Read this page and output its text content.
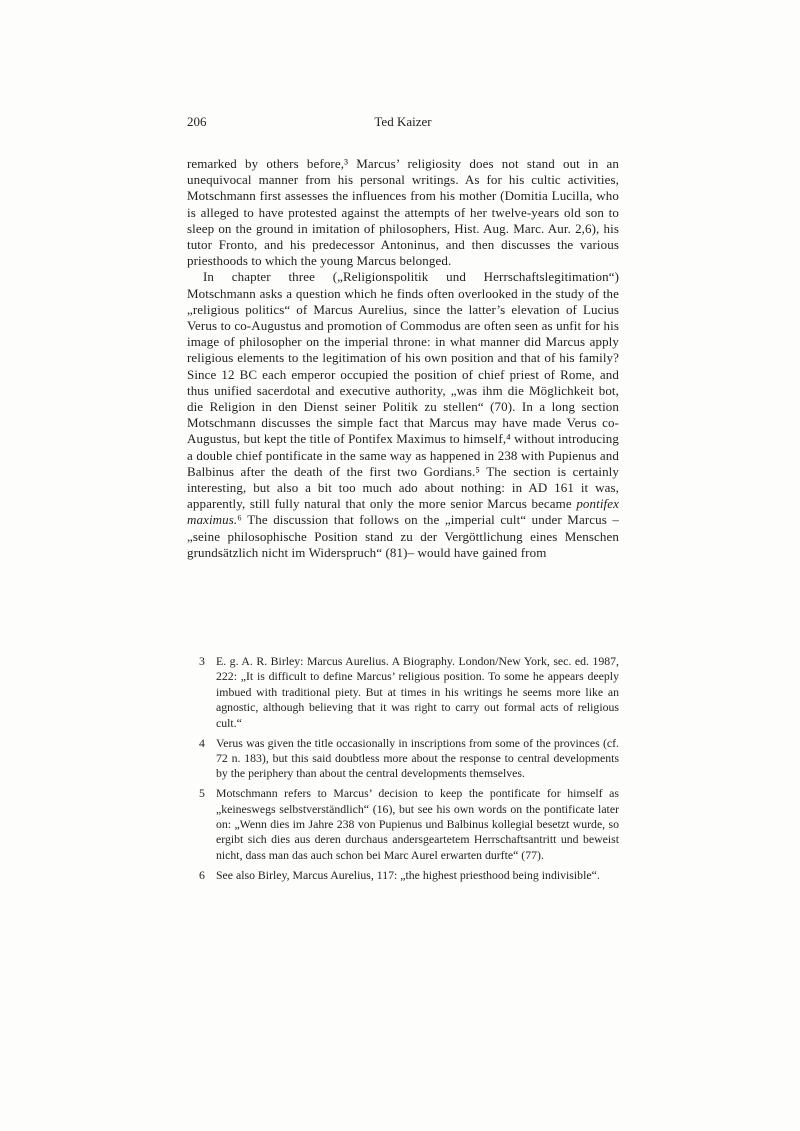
206	Ted Kaizer

remarked by others before,³ Marcus’ religiosity does not stand out in an unequivocal manner from his personal writings. As for his cultic activities, Motschmann first assesses the influences from his mother (Domitia Lucilla, who is alleged to have protested against the attempts of her twelve-years old son to sleep on the ground in imitation of philosophers, Hist. Aug. Marc. Aur. 2,6), his tutor Fronto, and his predecessor Antoninus, and then discusses the various priesthoods to which the young Marcus belonged.

In chapter three („Religionspolitik und Herrschaftslegitimation“) Motschmann asks a question which he finds often overlooked in the study of the „religious politics“ of Marcus Aurelius, since the latter’s elevation of Lucius Verus to co-Augustus and promotion of Commodus are often seen as unfit for his image of philosopher on the imperial throne: in what manner did Marcus apply religious elements to the legitimation of his own position and that of his family? Since 12 BC each emperor occupied the position of chief priest of Rome, and thus unified sacerdotal and executive authority, „was ihm die Möglichkeit bot, die Religion in den Dienst seiner Politik zu stellen“ (70). In a long section Motschmann discusses the simple fact that Marcus may have made Verus co-Augustus, but kept the title of Pontifex Maximus to himself,⁴ without introducing a double chief pontificate in the same way as happened in 238 with Pupienus and Balbinus after the death of the first two Gordians.⁵ The section is certainly interesting, but also a bit too much ado about nothing: in AD 161 it was, apparently, still fully natural that only the more senior Marcus became pontifex maximus.⁶ The discussion that follows on the „imperial cult“ under Marcus – „seine philosophische Position stand zu der Vergöttlichung eines Menschen grundsätzlich nicht im Widerspruch“ (81)– would have gained from

3 E. g. A. R. Birley: Marcus Aurelius. A Biography. London/New York, sec. ed. 1987, 222: „It is difficult to define Marcus’ religious position. To some he appears deeply imbued with traditional piety. But at times in his writings he seems more like an agnostic, although believing that it was right to carry out formal acts of religious cult.“
4 Verus was given the title occasionally in inscriptions from some of the provinces (cf. 72 n. 183), but this said doubtless more about the response to central developments by the periphery than about the central developments themselves.
5 Motschmann refers to Marcus’ decision to keep the pontificate for himself as „keineswegs selbstverständlich“ (16), but see his own words on the pontificate later on: „Wenn dies im Jahre 238 von Pupienus und Balbinus kollegial besetzt wurde, so ergibt sich dies aus deren durchaus andersgeartetem Herrschaftsantritt und beweist nicht, dass man das auch schon bei Marc Aurel erwarten durfte“ (77).
6 See also Birley, Marcus Aurelius, 117: „the highest priesthood being indivisible“.
